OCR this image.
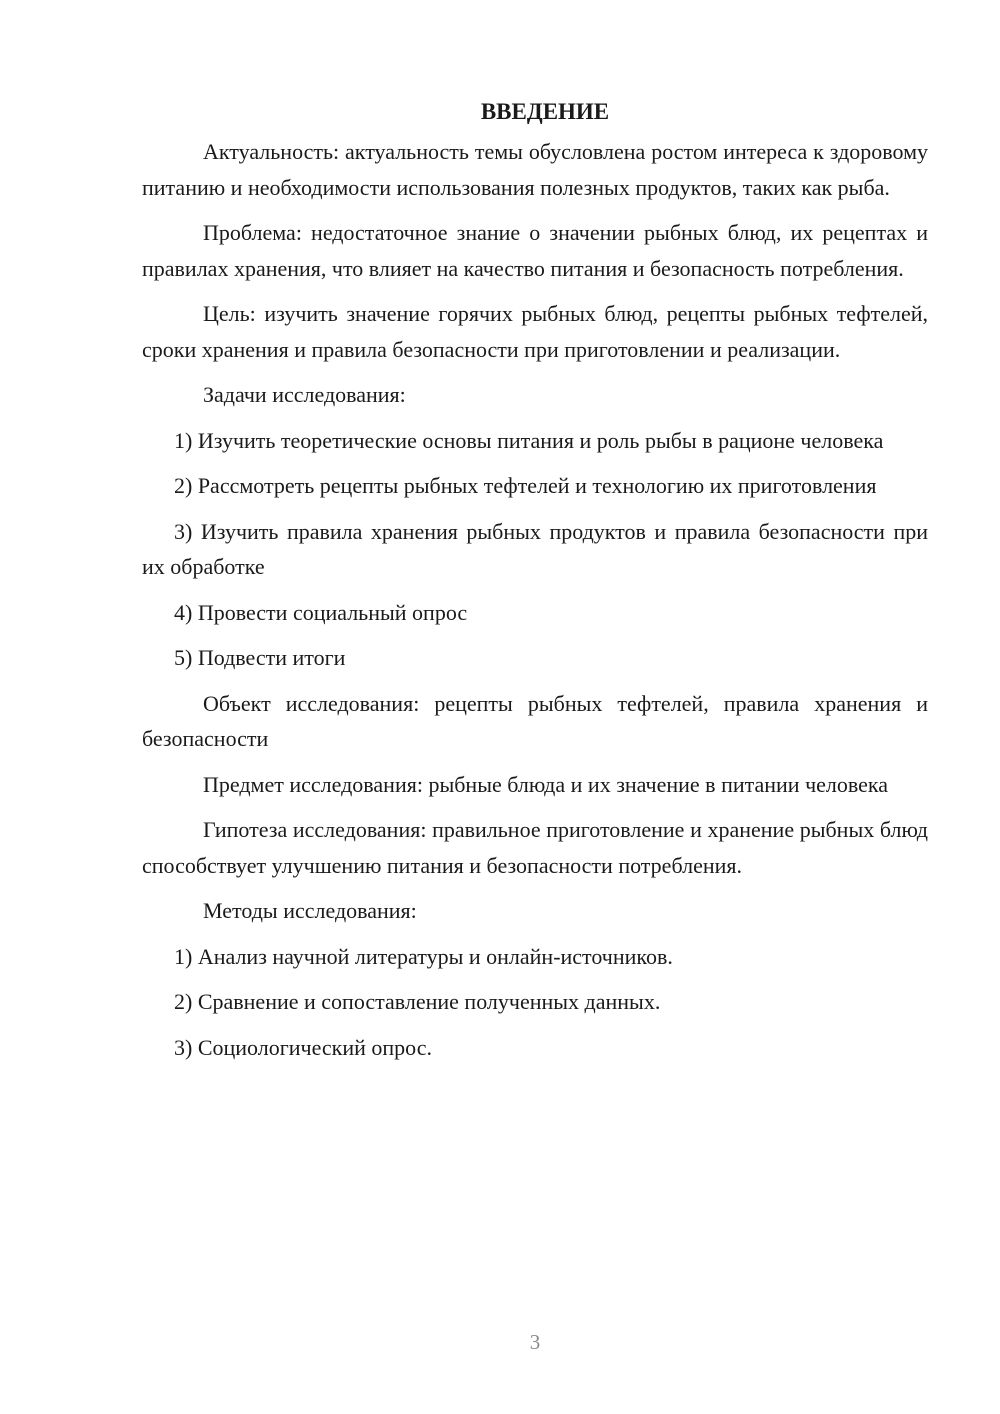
ВВЕДЕНИЕ

Актуальность: актуальность темы обусловлена ростом интереса к здоровому питанию и необходимости использования полезных продуктов, таких как рыба.

Проблема: недостаточное знание о значении рыбных блюд, их рецептах и правилах хранения, что влияет на качество питания и безопасность потребления.

Цель: изучить значение горячих рыбных блюд, рецепты рыбных тефтелей, сроки хранения и правила безопасности при приготовлении и реализации.

Задачи исследования:

1) Изучить теоретические основы питания и роль рыбы в рационе человека

2) Рассмотреть рецепты рыбных тефтелей и технологию их приготовления

3) Изучить правила хранения рыбных продуктов и правила безопасности при их обработке

4) Провести социальный опрос

5) Подвести итоги

Объект исследования: рецепты рыбных тефтелей, правила хранения и безопасности

Предмет исследования: рыбные блюда и их значение в питании человека

Гипотеза исследования: правильное приготовление и хранение рыбных блюд способствует улучшению питания и безопасности потребления.

Методы исследования:

1) Анализ научной литературы и онлайн-источников.

2) Сравнение и сопоставление полученных данных.

3) Социологический опрос.

3
